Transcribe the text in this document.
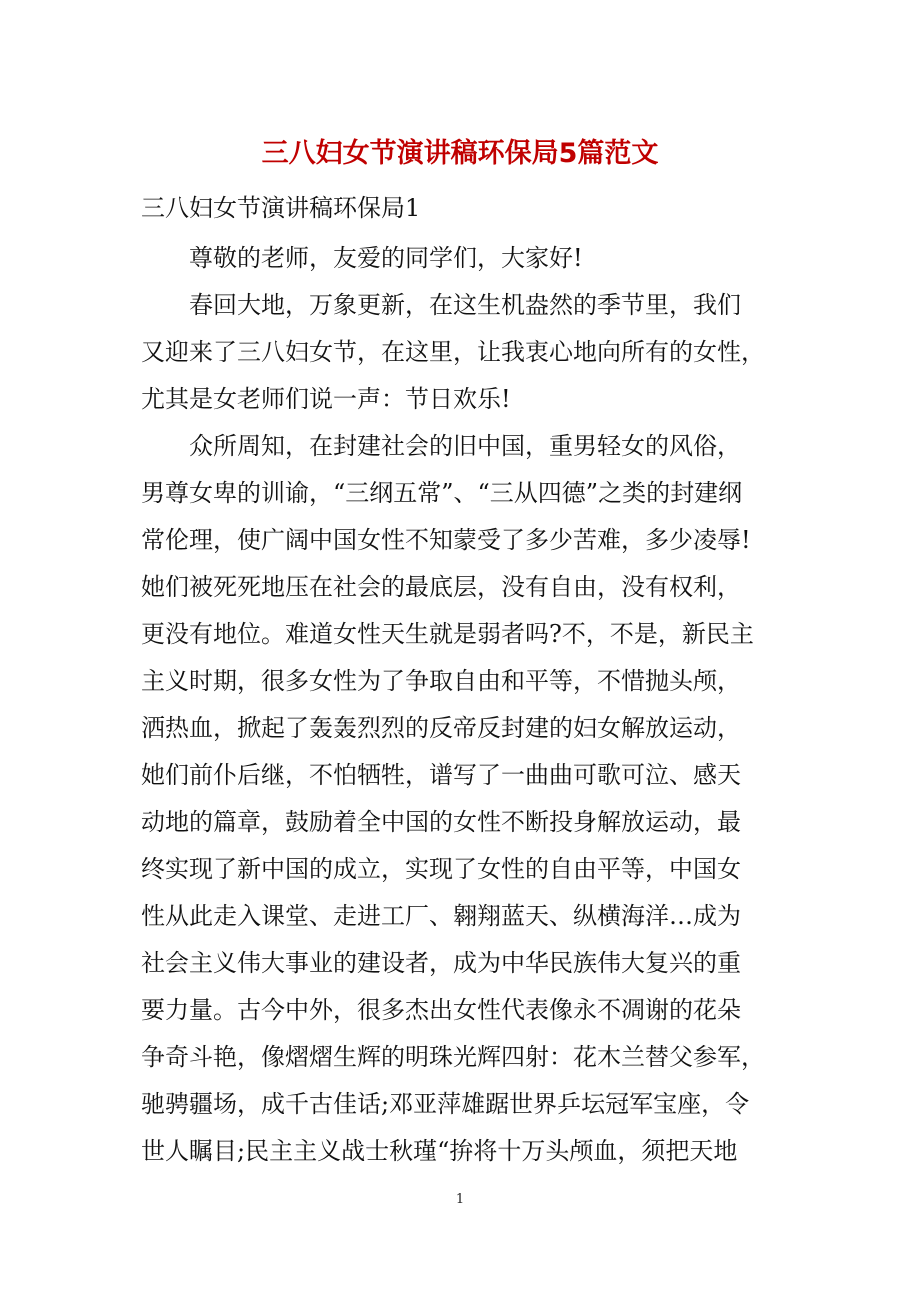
三八妇女节演讲稿环保局5篇范文

三八妇女节演讲稿环保局1

尊敬的老师，友爱的同学们，大家好!

春回大地，万象更新，在这生机盎然的季节里，我们

又迎来了三八妇女节，在这里，让我衷心地向所有的女性，

尤其是女老师们说一声：节日欢乐!

众所周知，在封建社会的旧中国，重男轻女的风俗，

男尊女卑的训谕，“三纲五常”、“三从四德”之类的封建纲

常伦理，使广阔中国女性不知蒙受了多少苦难，多少凌辱!

她们被死死地压在社会的最底层，没有自由，没有权利，

更没有地位。难道女性天生就是弱者吗?不，不是，新民主

主义时期，很多女性为了争取自由和平等，不惜抛头颅，

洒热血，掀起了轰轰烈烈的反帝反封建的妇女解放运动，

她们前仆后继，不怕牺牲，谱写了一曲曲可歌可泣、感天

动地的篇章，鼓励着全中国的女性不断投身解放运动，最

终实现了新中国的成立，实现了女性的自由平等，中国女

性从此走入课堂、走进工厂、翱翔蓝天、纵横海洋…成为

社会主义伟大事业的建设者，成为中华民族伟大复兴的重

要力量。古今中外，很多杰出女性代表像永不凋谢的花朵

争奇斗艳，像熠熠生辉的明珠光辉四射：花木兰替父参军，

驰骋疆场，成千古佳话;邓亚萍雄踞世界乒坛冠军宝座，令

世人瞩目;民主主义战士秋瑾“拚将十万头颅血，须把天地

1
